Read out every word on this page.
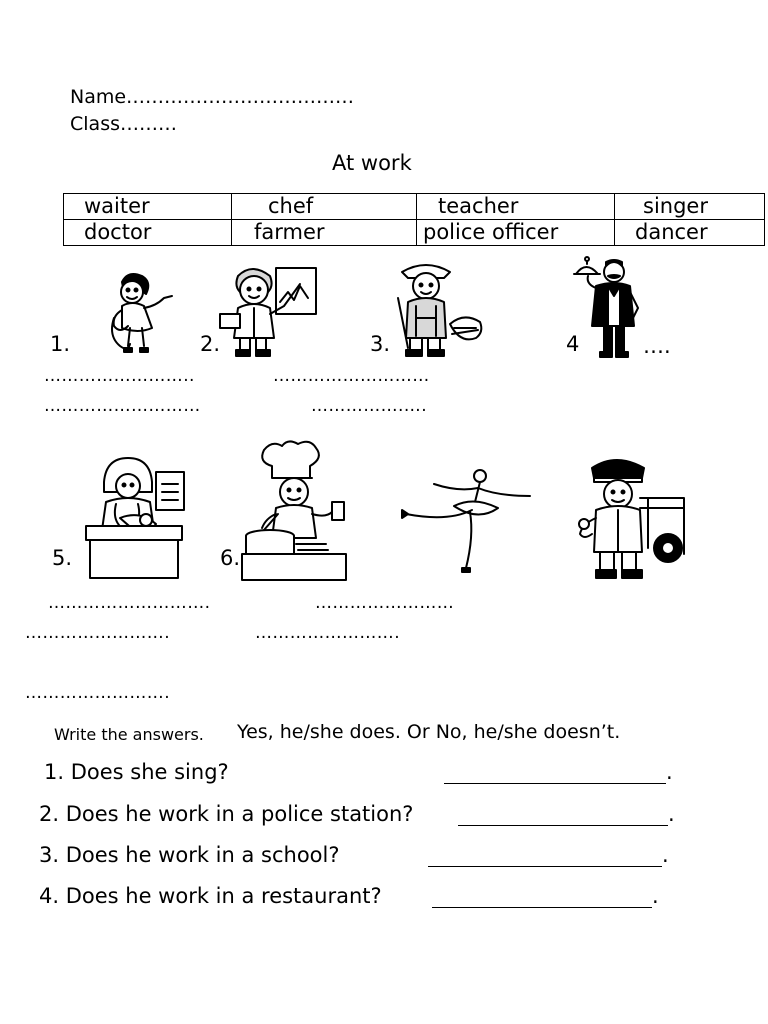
Name………………………………
Class………
At work
waiter	chef	teacher	singer
doctor	farmer	police officer	dancer
1.	2.	3.	4	….
……………………..	………………………
………………………	…………….….
5.	6.
……………………….	……………………
…………………….	…………………….
…………………….
Write the answers. Yes, he/she does. Or No, he/she doesn’t.
1. Does she sing?	.
2. Does he work in a police station?	.
3. Does he work in a school?	.
4. Does he work in a restaurant?	.
